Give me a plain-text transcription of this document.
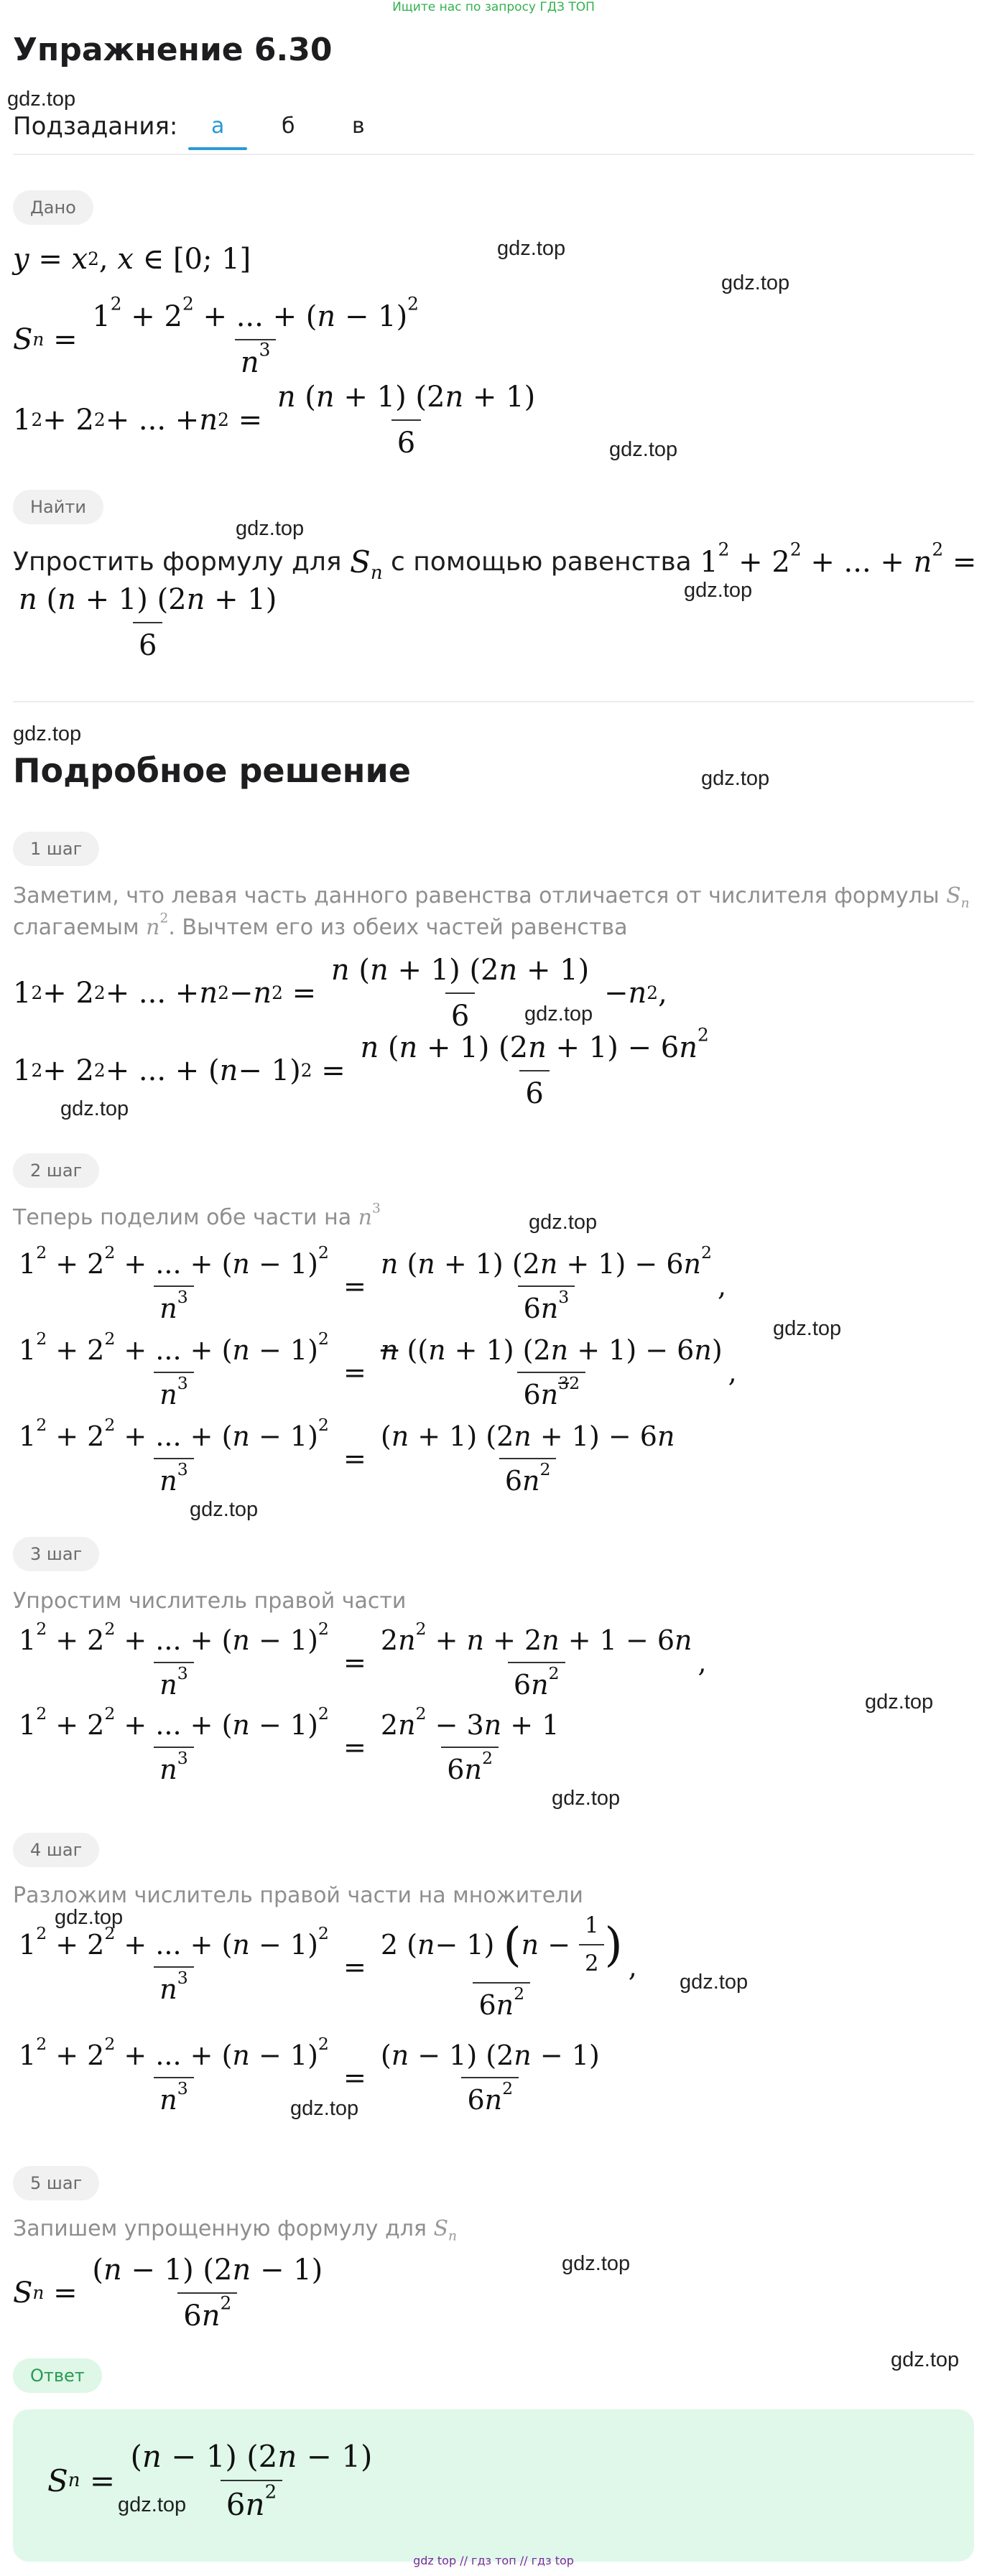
Ищите нас по запросу ГДЗ ТОП
Упражнение 6.30
gdz.top
Подзадания: а	б	в
Дано
y = x 2 , x ∈ [0; 1]
S $n = \frac{1^2 + 2^2 + ... + (n - 1)^2}{n^3}$
1 2 + 2 2 + ... + n $2 = \frac{n (n + 1) (2n + 1)}{6}$
Найти
Упростить формулу для $S_n$ с помощью равенства $1^2 + 2^2$ + ... + $n^2$ =
$\frac{n (n + 1) (2n + 1)}{6}$
Подробное решение
1 шаг
Заметим, что левая часть данного равенства отличается от числителя формулы $S_n$
слагаемым $n^2$. Вычтем его из обеих частей равенства
1 2 + 2 2 + ... + n 2 − n $2 = \frac{n (n + 1) (2n + 1)}{6} - n$ 2 ,
1 2 + 2 2 + ... + ( n − 1) $2 = \frac{n (n + 1) (2n + 1) - 6n^2}{6}$
2 шаг
Теперь поделим обе части на $n^3$
$\frac{1^2 + 2^2 + ... + (n - 1)^2}{n^3} = \frac{n (n + 1) (2n + 1) - 6n^2}{6n^3}$ ,
$\frac{1^2 + 2^2 + ... + (n - 1)^2}{n^3} = \frac{n ((n + 1) (2n + 1) - 6n)}{6n^{32}}$ ,
$\frac{1^2 + 2^2 + ... + (n - 1)^2}{n^3} = \frac{(n + 1) (2n + 1) - 6n}{6n^2}$
3 шаг
Упростим числитель правой части
$\frac{1^2 + 2^2 + ... + (n - 1)^2}{n^3} = \frac{2n^2 + n + 2n + 1 - 6n}{6n^2}$ ,
$\frac{1^2 + 2^2 + ... + (n - 1)^2}{n^3} = \frac{2n^2 - 3n + 1}{6n^2}$
4 шаг
Разложим числитель правой части на множители
$\frac{1^2 + 2^2 + ... + (n - 1)^2}{n^3} = \frac{2 ( n - 1) ( n - \frac{1}{2} )}{6n^2}$ ,
$\frac{1^2 + 2^2 + ... + (n - 1)^2}{n^3} = \frac{(n - 1) (2n - 1)}{6n^2}$
5 шаг
Запишем упрощенную формулу для $S_n$
S $n = \frac{(n - 1) (2n - 1)}{6n^2}$
Ответ
S $n = \frac{(n - 1) (2n - 1)}{6n^2}$
gdz.top
gdz.top
gdz.top
gdz.top
gdz.top
gdz.top
gdz.top
gdz.top
gdz.top
gdz.top
gdz.top
gdz.top
gdz.top
gdz.top
gdz.top
gdz.top
gdz.top
gdz.top
gdz.top
gdz.top
gdz top // гдз топ // гдз top
